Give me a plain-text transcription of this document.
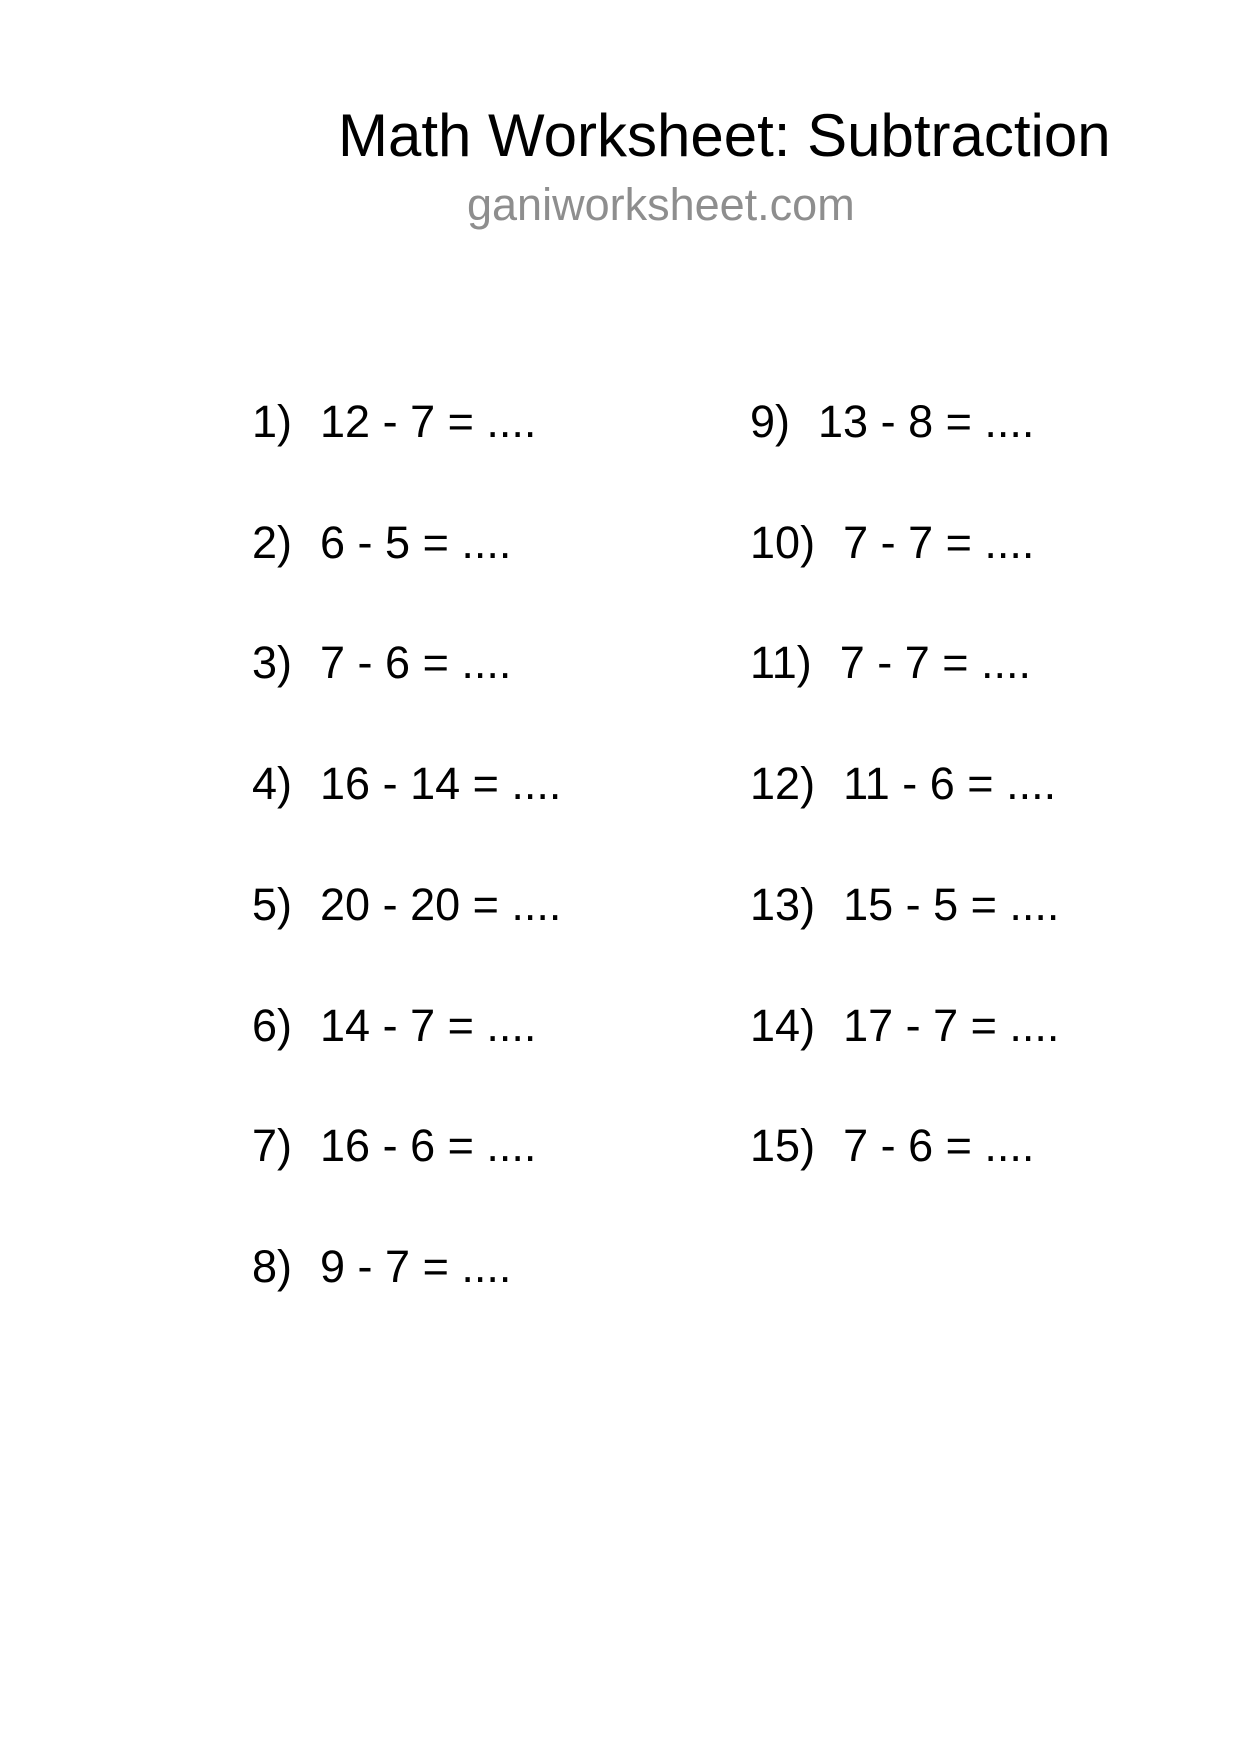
Math Worksheet: Subtraction
ganiworksheet.com

1) 12 - 7 = ....

2) 6 - 5 = ....

3) 7 - 6 = ....

4) 16 - 14 = ....

5) 20 - 20 = ....

6) 14 - 7 = ....

7) 16 - 6 = ....

8) 9 - 7 = ....

9) 13 - 8 = ....

10) 7 - 7 = ....

11) 7 - 7 = ....

12) 11 - 6 = ....

13) 15 - 5 = ....

14) 17 - 7 = ....

15) 7 - 6 = ....
